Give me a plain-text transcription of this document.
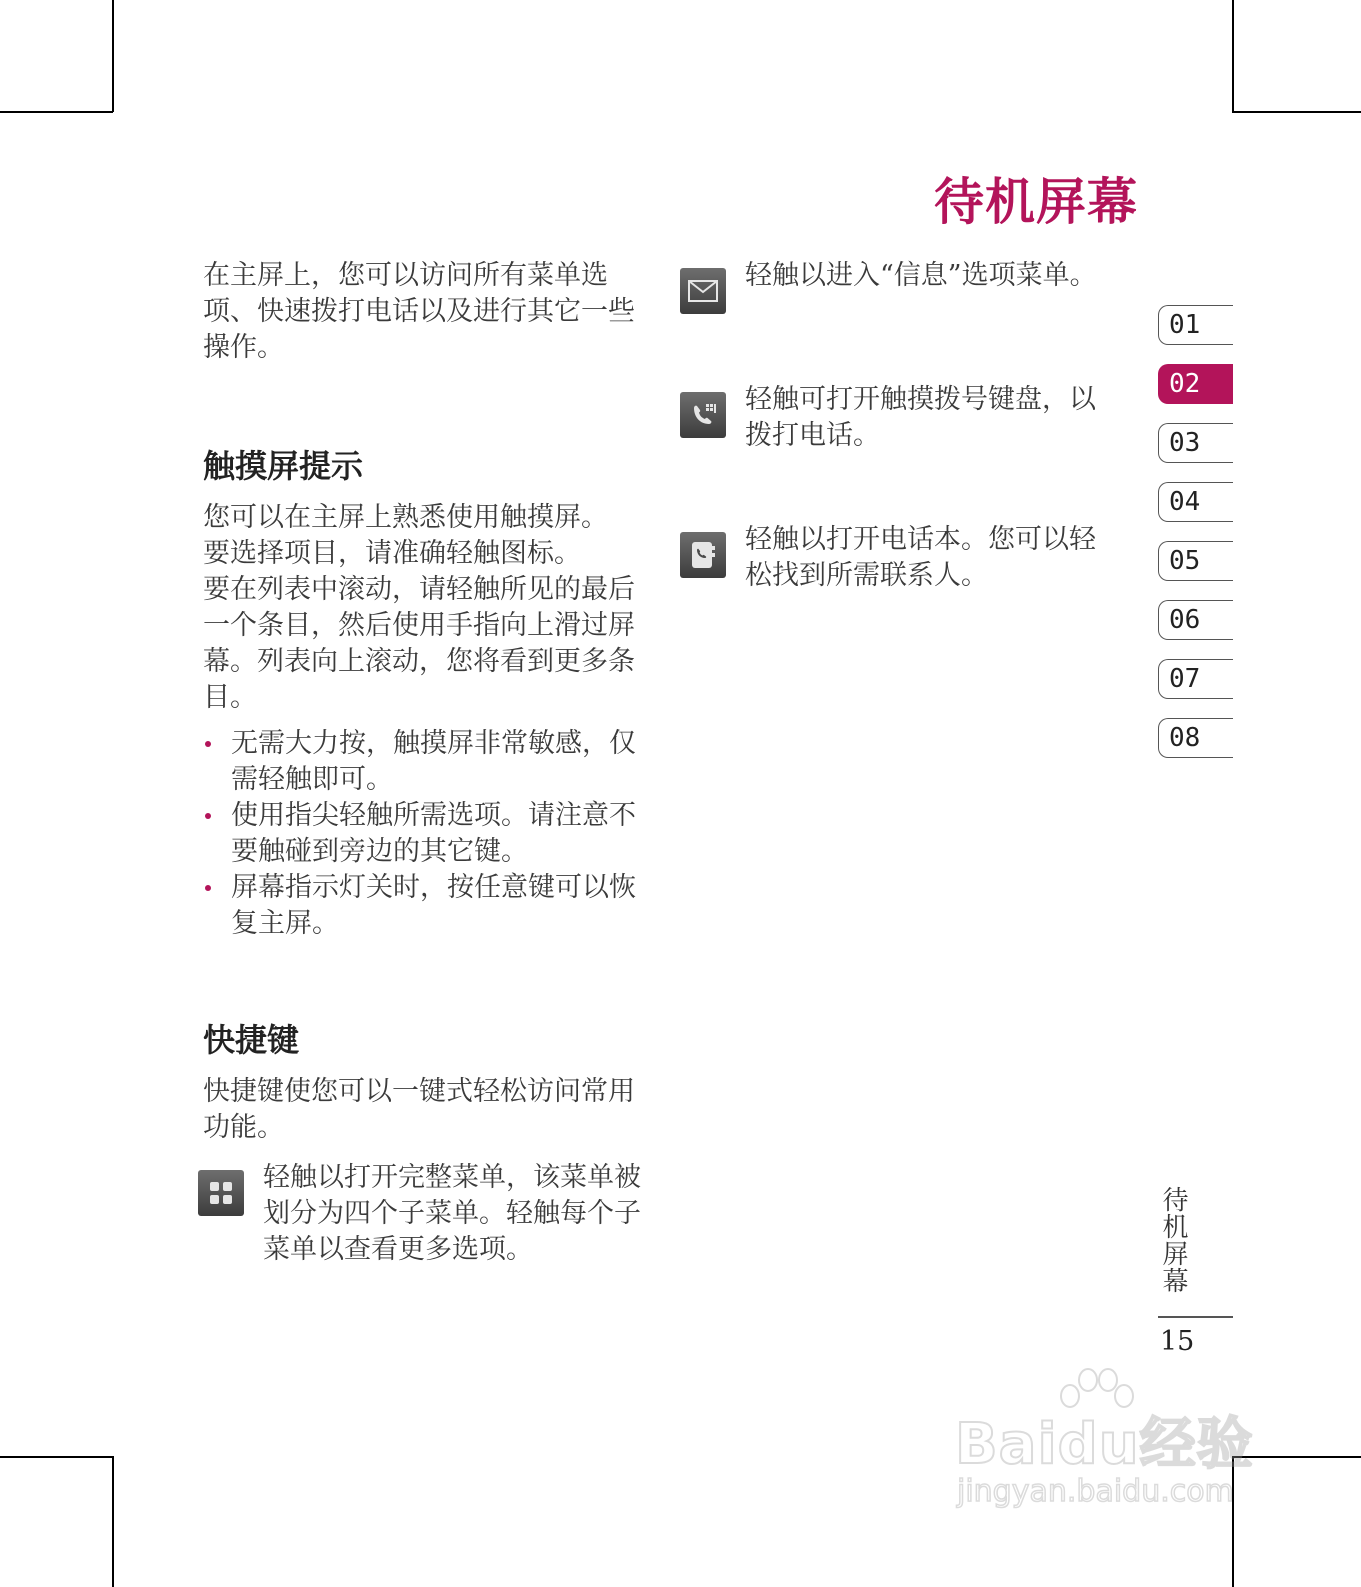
待机屏幕

在主屏上，您可以访问所有菜单选项、快速拨打电话以及进行其它一些操作。

触摸屏提示

您可以在主屏上熟悉使用触摸屏。

要选择项目，请准确轻触图标。

要在列表中滚动，请轻触所见的最后一个条目，然后使用手指向上滑过屏幕。列表向上滚动，您将看到更多条目。

无需大力按，触摸屏非常敏感，仅需轻触即可。
使用指尖轻触所需选项。请注意不要触碰到旁边的其它键。
屏幕指示灯关时，按任意键可以恢复主屏。
快捷键

快捷键使您可以一键式轻松访问常用功能。

轻触以打开完整菜单，该菜单被划分为四个子菜单。轻触每个子菜单以查看更多选项。

轻触以进入“信息”选项菜单。

轻触可打开触摸拨号键盘，以拨打电话。

轻触以打开电话本。您可以轻松找到所需联系人。

01
02
03
04
05
06
07
08
待机屏幕
15
Baidu经验
jingyan.baidu.com
